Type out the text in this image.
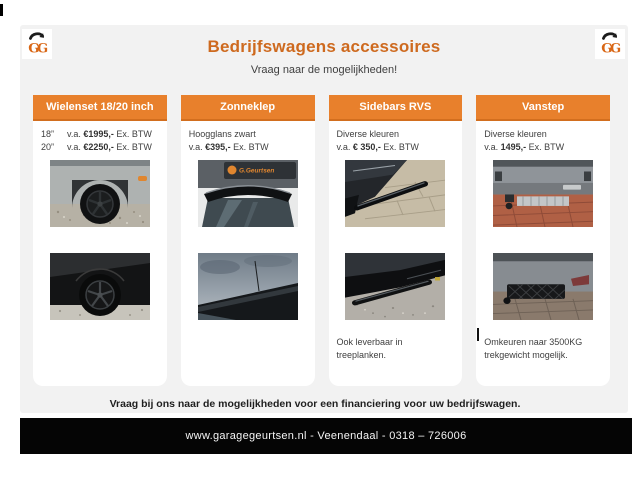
GG	GG
Bedrijfswagens accessoires
Vraag naar de mogelijkheden!
Wielenset 18/20 inch
18” v.a. €1995,- Ex. BTW
20” v.a. €2250,- Ex. BTW
Zonneklep
Hoogglans zwart
v.a. €395,- Ex. BTW
G.Geurtsen
Sidebars RVS
Diverse kleuren
v.a. € 350,- Ex. BTW
Ook leverbaar in treeplanken.
Vanstep
Diverse kleuren
v.a. 1495,- Ex. BTW
Omkeuren naar 3500KG trekgewicht mogelijk.
Vraag bij ons naar de mogelijkheden voor een financiering voor uw bedrijfswagen.
www.garagegeurtsen.nl - Veenendaal - 0318 – 726006
